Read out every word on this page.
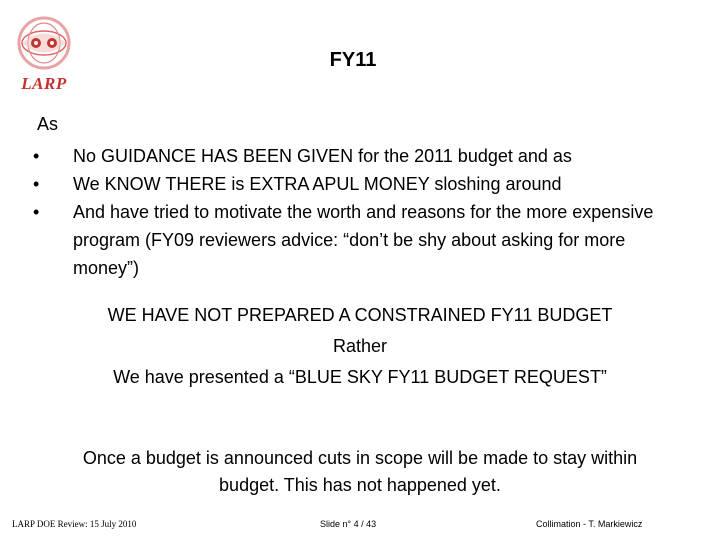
LARP
FY11
As
•	No GUIDANCE HAS BEEN GIVEN for the 2011 budget and as
•	We KNOW THERE is EXTRA APUL MONEY sloshing around
•	And have tried to motivate the worth and reasons for the more expensive program (FY09 reviewers advice: “don’t be shy about asking for more money”)
WE HAVE NOT PREPARED A CONSTRAINED FY11 BUDGET
Rather
We have presented a “BLUE SKY FY11 BUDGET REQUEST”
Once a budget is announced cuts in scope will be made to stay within
budget. This has not happened yet.
LARP DOE Review: 15 July 2010	Slide n° 4 / 43	Collimation - T. Markiewicz
